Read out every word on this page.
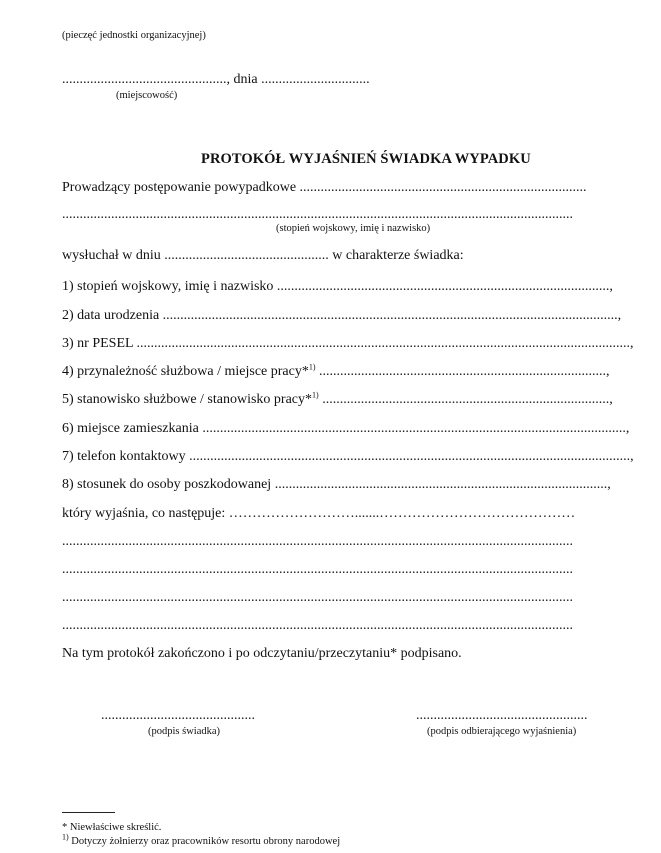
(pieczęć jednostki organizacyjnej)
..............................................., dnia ...............................
(miejscowość)
PROTOKÓŁ WYJAŚNIEŃ ŚWIADKA WYPADKU
Prowadzący postępowanie powypadkowe ..................................................................................
..................................................................................................................................................
(stopień wojskowy, imię i nazwisko)
wysłuchał w dniu ............................................... w charakterze świadka:
1) stopień wojskowy, imię i nazwisko ...............................................................................................,
2) data urodzenia ..................................................................................................................................,
3) nr PESEL .............................................................................................................................................,
4) przynależność służbowa / miejsce pracy*$^{1)}$ ..................................................................................,
5) stanowisko służbowe / stanowisko pracy*$^{1)}$ ..................................................................................,
6) miejsce zamieszkania .........................................................................................................................,
7) telefon kontaktowy ..............................................................................................................................,
8) stosunek do osoby poszkodowanej ...............................................................................................,
który wyjaśnia, co następuje: ……………………….......……………………………………
..................................................................................................................................................
..................................................................................................................................................
..................................................................................................................................................
..................................................................................................................................................
Na tym protokół zakończono i po odczytaniu/przeczytaniu* podpisano.
............................................
(podpis świadka)
.................................................
(podpis odbierającego wyjaśnienia)
* Niewłaściwe skreślić.
$^{1)}$ Dotyczy żołnierzy oraz pracowników resortu obrony narodowej
